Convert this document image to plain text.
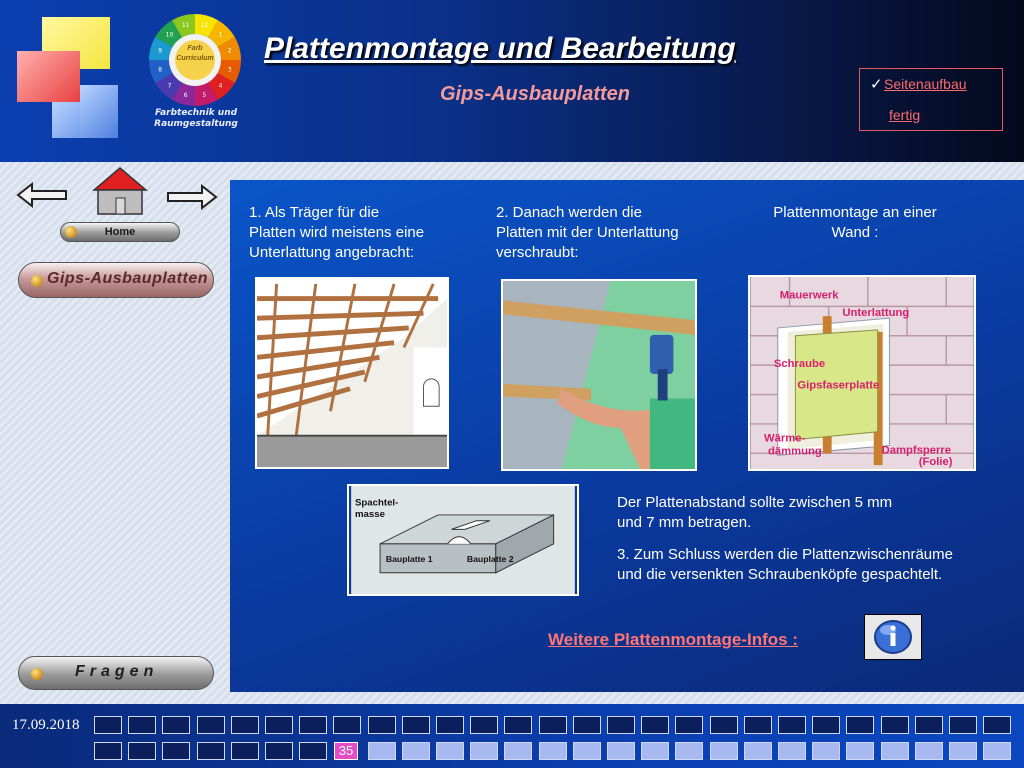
12
1
2
3
4
5
6
7
8
9
10
11
Farb
Curriculum
Farbtechnik und
Raumgestaltung
Plattenmontage und Bearbeitung
Gips-Ausbauplatten	✓ Seitenaufbau
fertig
Home
Gips-Ausbauplatten
Fragen
1. Als Träger für die
Platten wird meistens eine
Unterlattung angebracht:
2. Danach werden die
Platten mit der Unterlattung
verschraubt:
Plattenmontage an einer
Wand :
Mauerwerk
Unterlattung
Schraube
Gipsfaserplatte
Wärme-
dämmung	Dampfsperre
(Folie)
Spachtel-
masse
Bauplatte 1	Bauplatte 2
Der Plattenabstand sollte zwischen 5 mm
und 7 mm betragen.
3. Zum Schluss werden die Plattenzwischenräume
und die versenkten Schraubenköpfe gespachtelt.
Weitere Plattenmontage-Infos :
17.09.2018
35
